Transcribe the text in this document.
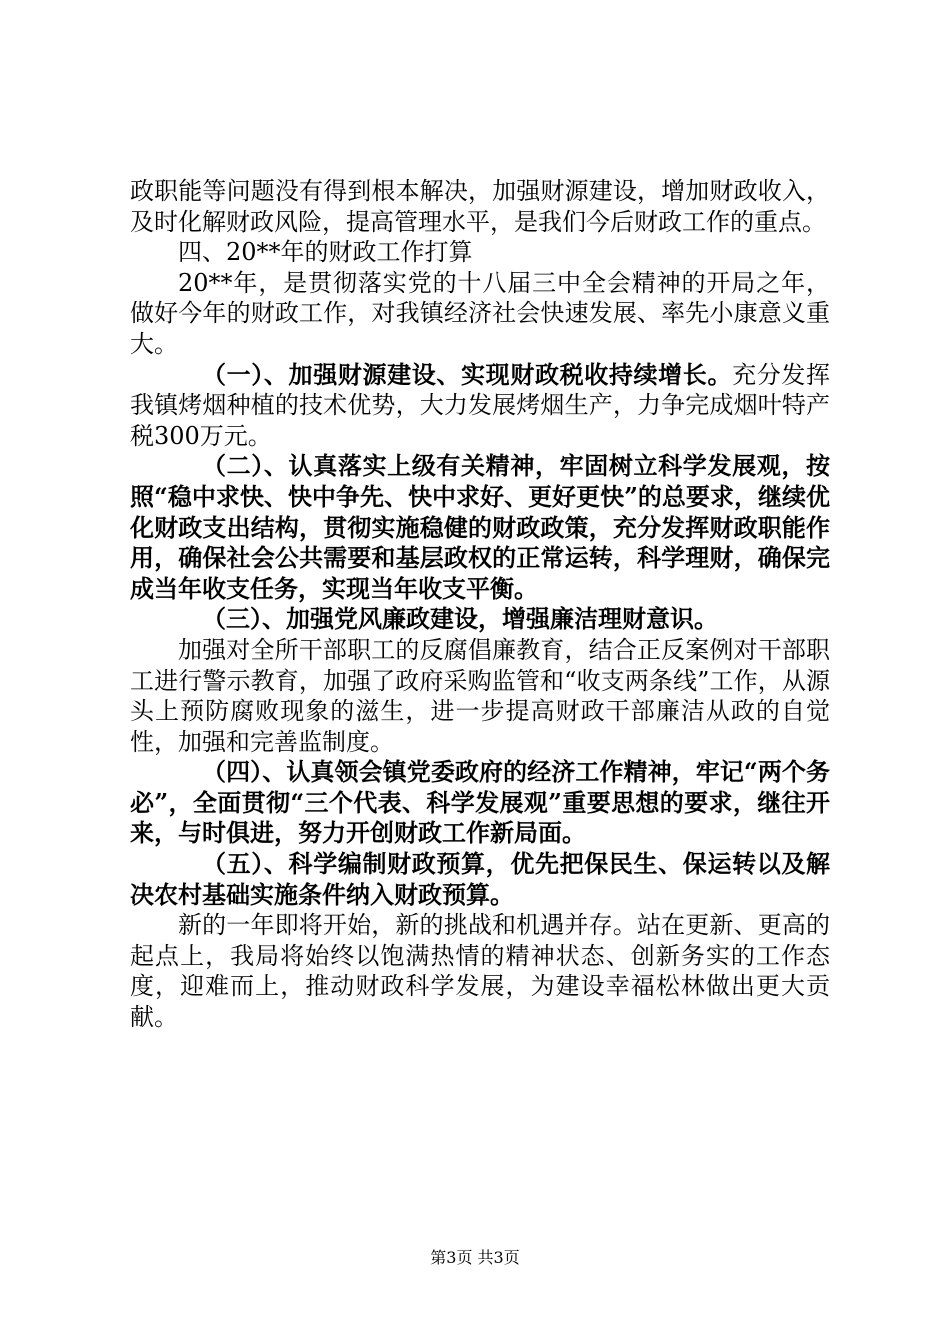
政职能等问题没有得到根本解决，加强财源建设，增加财政收入，及时化解财政风险，提高管理水平，是我们今后财政工作的重点。

四、20**年的财政工作打算

20**年，是贯彻落实党的十八届三中全会精神的开局之年，做好今年的财政工作，对我镇经济社会快速发展、率先小康意义重大。

（一）、加强财源建设、实现财政税收持续增长。充分发挥我镇烤烟种植的技术优势，大力发展烤烟生产，力争完成烟叶特产税300万元。

（二）、认真落实上级有关精神，牢固树立科学发展观，按照“稳中求快、快中争先、快中求好、更好更快”的总要求，继续优化财政支出结构，贯彻实施稳健的财政政策，充分发挥财政职能作用，确保社会公共需要和基层政权的正常运转，科学理财，确保完成当年收支任务，实现当年收支平衡。

（三）、加强党风廉政建设，增强廉洁理财意识。

加强对全所干部职工的反腐倡廉教育，结合正反案例对干部职工进行警示教育，加强了政府采购监管和“收支两条线”工作，从源头上预防腐败现象的滋生，进一步提高财政干部廉洁从政的自觉性，加强和完善监制度。

（四）、认真领会镇党委政府的经济工作精神，牢记“两个务必”，全面贯彻“三个代表、科学发展观”重要思想的要求，继往开来，与时俱进，努力开创财政工作新局面。

（五）、科学编制财政预算，优先把保民生、保运转以及解决农村基础实施条件纳入财政预算。

新的一年即将开始，新的挑战和机遇并存。站在更新、更高的起点上，我局将始终以饱满热情的精神状态、创新务实的工作态度，迎难而上，推动财政科学发展，为建设幸福松林做出更大贡献。

第3页 共3页
